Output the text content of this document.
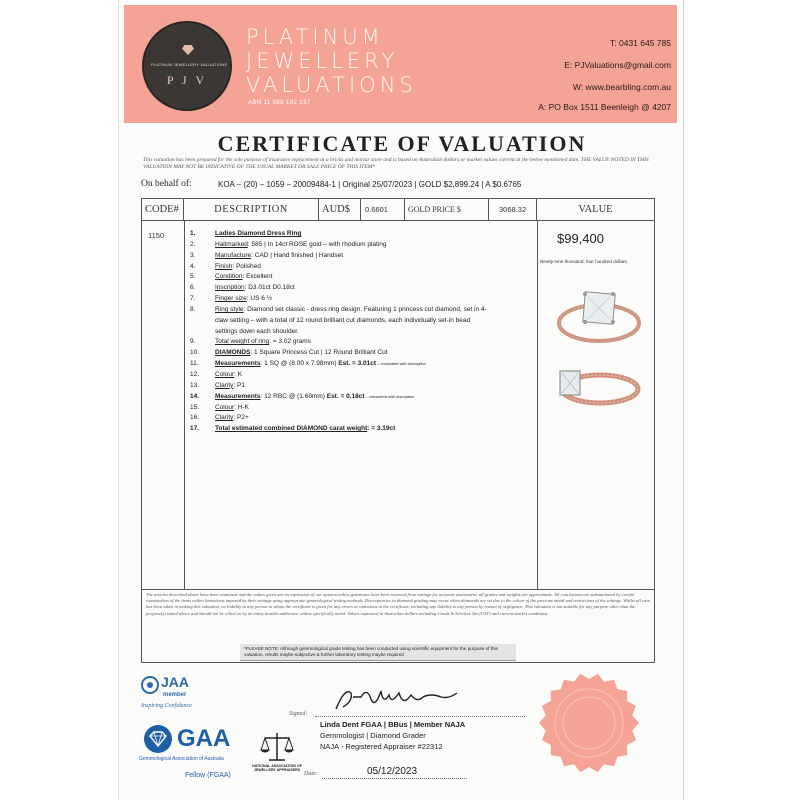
PLATINUM JEWELLERY VALUATIONS
P J V
PLATINUM
JEWELLERY
VALUATIONS
ABN 11 588 192 137
T: 0431 645 785
E: PJValuations@gmail.com
W: www.bearbling.com.au
A: PO Box 1511 Beenleigh @ 4207
CERTIFICATE OF VALUATION
This valuation has been prepared for the sole purpose of insurance replacement at a bricks and mortar store and is based on Australian dollars or market values current at the below mentioned date. THE VALUE NOTED IN THIS VALUATION MAY NOT BE INDICATIVE OF THE USUAL MARKET OR SALE PRICE OF THIS ITEM*
On behalf of:	KOA – (20) – 1059 – 20009484-1 | Original 25/07/2023 | GOLD $2,899.24 | A $0.6765
CODE#	DESCRIPTION	AUD$	0.6601	GOLD PRICE $	3068.32	VALUE
1150	1.	Ladies Diamond Dress Ring
2.	Hallmarked: 585 | In 14ct ROSE gold – with rhodium plating
3.	Manufacture: CAD | Hand finished | Handset
4.	Finish: Polished
5.	Condition: Excellent
6.	Inscription: D3.01ct D0.18ct
7.	Finger size: US 6 ½
8.	Ring style: Diamond set classic - dress ring design. Featuring 1 princess cut diamond, set in 4-
claw setting – with a total of 12 round brilliant cut diamonds, each individually set-in bead
settings down each shoulder.
9.	Total weight of ring: = 3.02 grams
10.	DIAMONDS: 1 Square Princess Cut | 12 Round Brilliant Cut
11.	Measurements: 1 SQ @ (8.00 x 7.98mm) Est. = 3.01ct – consistent with inscription
12.	Colour: K
13.	Clarity: P1
14.	Measurements: 12 RBC @ (1.60mm) Est. = 0.18ct – consistent with inscription
15.	Colour: H-K
16.	Clarity: P2+
17.	Total estimated combined DIAMOND carat weight: = 3.19ct
*PLEASE NOTE: Although gemmological grade testing has been conducted using scientific equipment for the purpose of this valuation, results maybe subjective & further laboratory testing maybe required
$99,400
Ninety-nine thousand, four hundred dollars.
The articles described above have been examined and the values given are an expression of our opinion unless gemstones have been removed from settings for accurate assessment, all grades and weights are approximate. All conclusions are substantiated by careful examination of the items within limitations imposed by their settings using appropriate gemmological testing methods. Discrepancies in diamond grading may occur when diamonds are set due to the colour of the precious metal and restrictions of the settings. Whilst all care has been taken in making this valuation, no liability to any person to whom the certificate is given for any errors or omissions in the certificate, including any liability to any person by reason of negligence. This valuation is not suitable for any purpose other than the purpose(s) stated above and should not be relied on by an entity besides addressee, unless specifically noted. Values expressed in Australian dollars including Goods & Services Tax (GST) and current market conditions.
JAA
member
Inspiring Confidence
GAA
Gemmological Association of Australia
Fellow (FGAA)
NATIONAL ASSOCIATION OF JEWELLERY APPRAISERS
Signed:
Linda Dent FGAA | BBus | Member NAJA
Gemmologist | Diamond Grader
NAJA - Registered Appraiser #22312
Date:	05/12/2023
